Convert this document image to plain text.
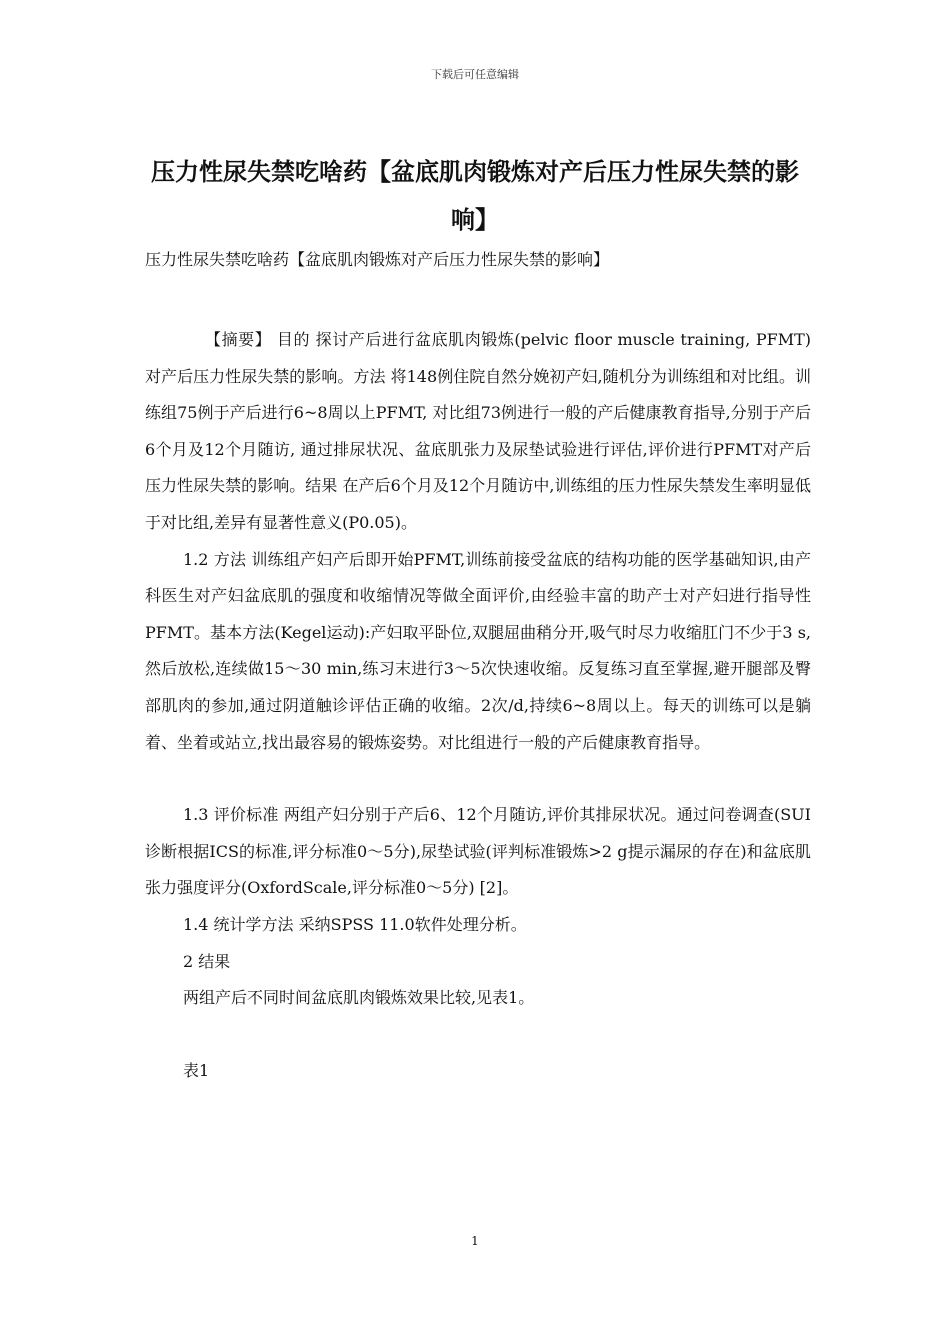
下载后可任意编辑
压力性尿失禁吃啥药【盆底肌肉锻炼对产后压力性尿失禁的影响】
压力性尿失禁吃啥药【盆底肌肉锻炼对产后压力性尿失禁的影响】

【摘要】 目的 探讨产后进行盆底肌肉锻炼(pelvic floor muscle training, PFMT)对产后压力性尿失禁的影响。方法 将148例住院自然分娩初产妇,随机分为训练组和对比组。训练组75例于产后进行6~8周以上PFMT, 对比组73例进行一般的产后健康教育指导,分别于产后6个月及12个月随访, 通过排尿状况、盆底肌张力及尿垫试验进行评估,评价进行PFMT对产后压力性尿失禁的影响。结果 在产后6个月及12个月随访中,训练组的压力性尿失禁发生率明显低于对比组,差异有显著性意义(P0.05)。

1.2 方法 训练组产妇产后即开始PFMT,训练前接受盆底的结构功能的医学基础知识,由产科医生对产妇盆底肌的强度和收缩情况等做全面评价,由经验丰富的助产士对产妇进行指导性PFMT。基本方法(Kegel运动):产妇取平卧位,双腿屈曲稍分开,吸气时尽力收缩肛门不少于3 s,然后放松,连续做15～30 min,练习末进行3～5次快速收缩。反复练习直至掌握,避开腿部及臀部肌肉的参加,通过阴道触诊评估正确的收缩。2次/d,持续6~8周以上。每天的训练可以是躺着、坐着或站立,找出最容易的锻炼姿势。对比组进行一般的产后健康教育指导。

1.3 评价标准 两组产妇分别于产后6、12个月随访,评价其排尿状况。通过问卷调查(SUI诊断根据ICS的标准,评分标准0～5分),尿垫试验(评判标准锻炼>2 g提示漏尿的存在)和盆底肌张力强度评分(OxfordScale,评分标准0～5分) [2]。

1.4 统计学方法 采纳SPSS 11.0软件处理分析。

2 结果

两组产后不同时间盆底肌肉锻炼效果比较,见表1。

表1

1
